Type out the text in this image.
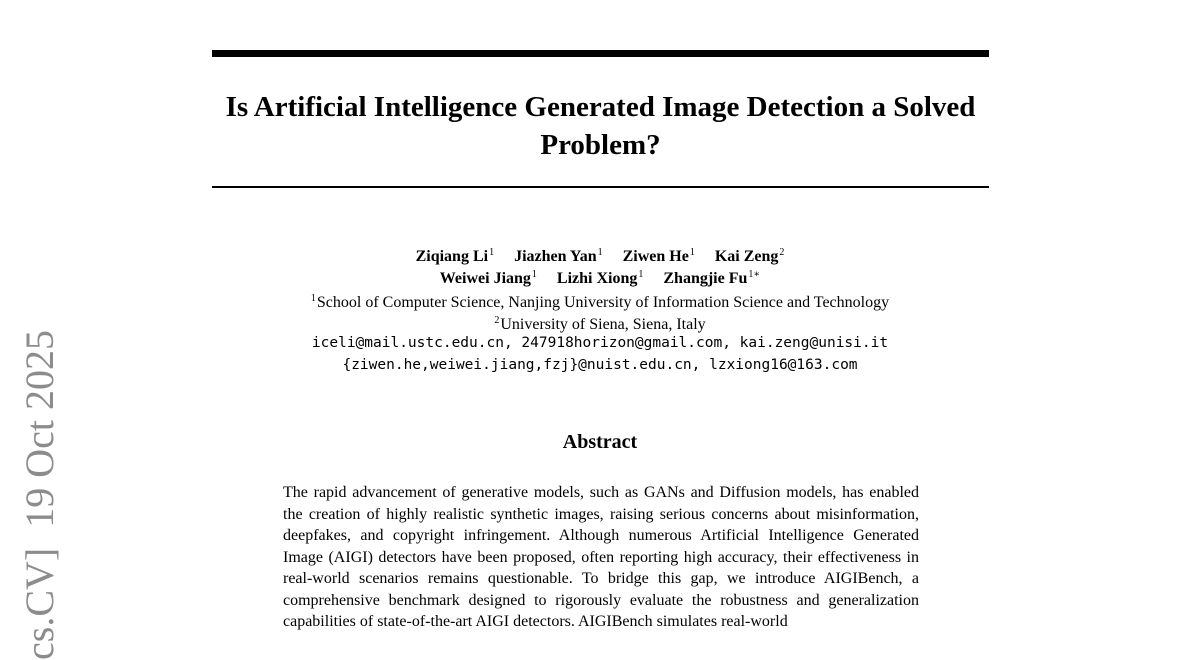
Is Artificial Intelligence Generated Image Detection a Solved Problem?
Ziqiang Li$^1$ Jiazhen Yan$^1$ Ziwen He$^1$ Kai Zeng$^2$
Weiwei Jiang$^1$ Lizhi Xiong$^1$ Zhangjie $Fu^{1∗}$
$^1$School of Computer Science, Nanjing University of Information Science and Technology
$^2$University of Siena, Siena, Italy
iceli@mail.ustc.edu.cn, 247918horizon@gmail.com, kai.zeng@unisi.it
{ziwen.he,weiwei.jiang,fzj}@nuist.edu.cn, lzxiong16@163.com
Abstract

The rapid advancement of generative models, such as GANs and Diffusion models, has enabled the creation of highly realistic synthetic images, raising serious concerns about misinformation, deepfakes, and copyright infringement. Although numerous Artificial Intelligence Generated Image (AIGI) detectors have been proposed, often reporting high accuracy, their effectiveness in real-world scenarios remains questionable. To bridge this gap, we introduce AIGIBench, a comprehensive benchmark designed to rigorously evaluate the robustness and generalization capabilities of state-of-the-art AIGI detectors. AIGIBench simulates real-world

cs.CV]  19 Oct 2025
